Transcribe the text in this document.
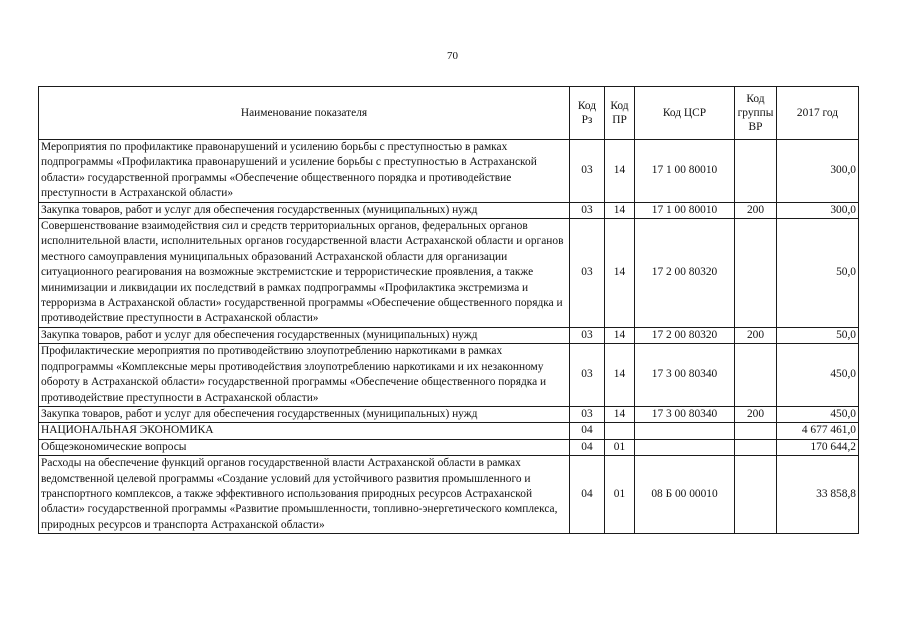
70
Наименование показателя	Код Рз	Код ПР	Код ЦСР	Код группы ВР	2017 год
Мероприятия по профилактике правонарушений и усилению борьбы с преступностью в рамках подпрограммы «Профилактика правонарушений и усиление борьбы с преступностью в Астраханской области» государственной программы «Обеспечение общественного порядка и противодействие преступности в Астраханской области»	03	14	17 1 00 80010		300,0
Закупка товаров, работ и услуг для обеспечения государственных (муниципальных) нужд	03	14	17 1 00 80010	200	300,0
Совершенствование взаимодействия сил и средств территориальных органов, федеральных органов исполнительной власти, исполнительных органов государственной власти Астраханской области и органов местного самоуправления муниципальных образований Астраханской области для организации ситуационного реагирования на возможные экстремистские и террористические проявления, а также минимизации и ликвидации их последствий в рамках подпрограммы «Профилактика экстремизма и терроризма в Астраханской области» государственной программы «Обеспечение общественного порядка и противодействие преступности в Астраханской области»	03	14	17 2 00 80320		50,0
Закупка товаров, работ и услуг для обеспечения государственных (муниципальных) нужд	03	14	17 2 00 80320	200	50,0
Профилактические мероприятия по противодействию злоупотреблению наркотиками в рамках подпрограммы «Комплексные меры противодействия злоупотреблению наркотиками и их незаконному обороту в Астраханской области» государственной программы «Обеспечение общественного порядка и противодействие преступности в Астраханской области»	03	14	17 3 00 80340		450,0
Закупка товаров, работ и услуг для обеспечения государственных (муниципальных) нужд	03	14	17 3 00 80340	200	450,0
НАЦИОНАЛЬНАЯ ЭКОНОМИКА	04				4 677 461,0
Общеэкономические вопросы	04	01			170 644,2
Расходы на обеспечение функций органов государственной власти Астраханской области в рамках ведомственной целевой программы «Создание условий для устойчивого развития промышленного и транспортного комплексов, а также эффективного использования природных ресурсов Астраханской области» государственной программы «Развитие промышленности, топливно-энергетического комплекса, природных ресурсов и транспорта Астраханской области»	04	01	08 Б 00 00010		33 858,8
